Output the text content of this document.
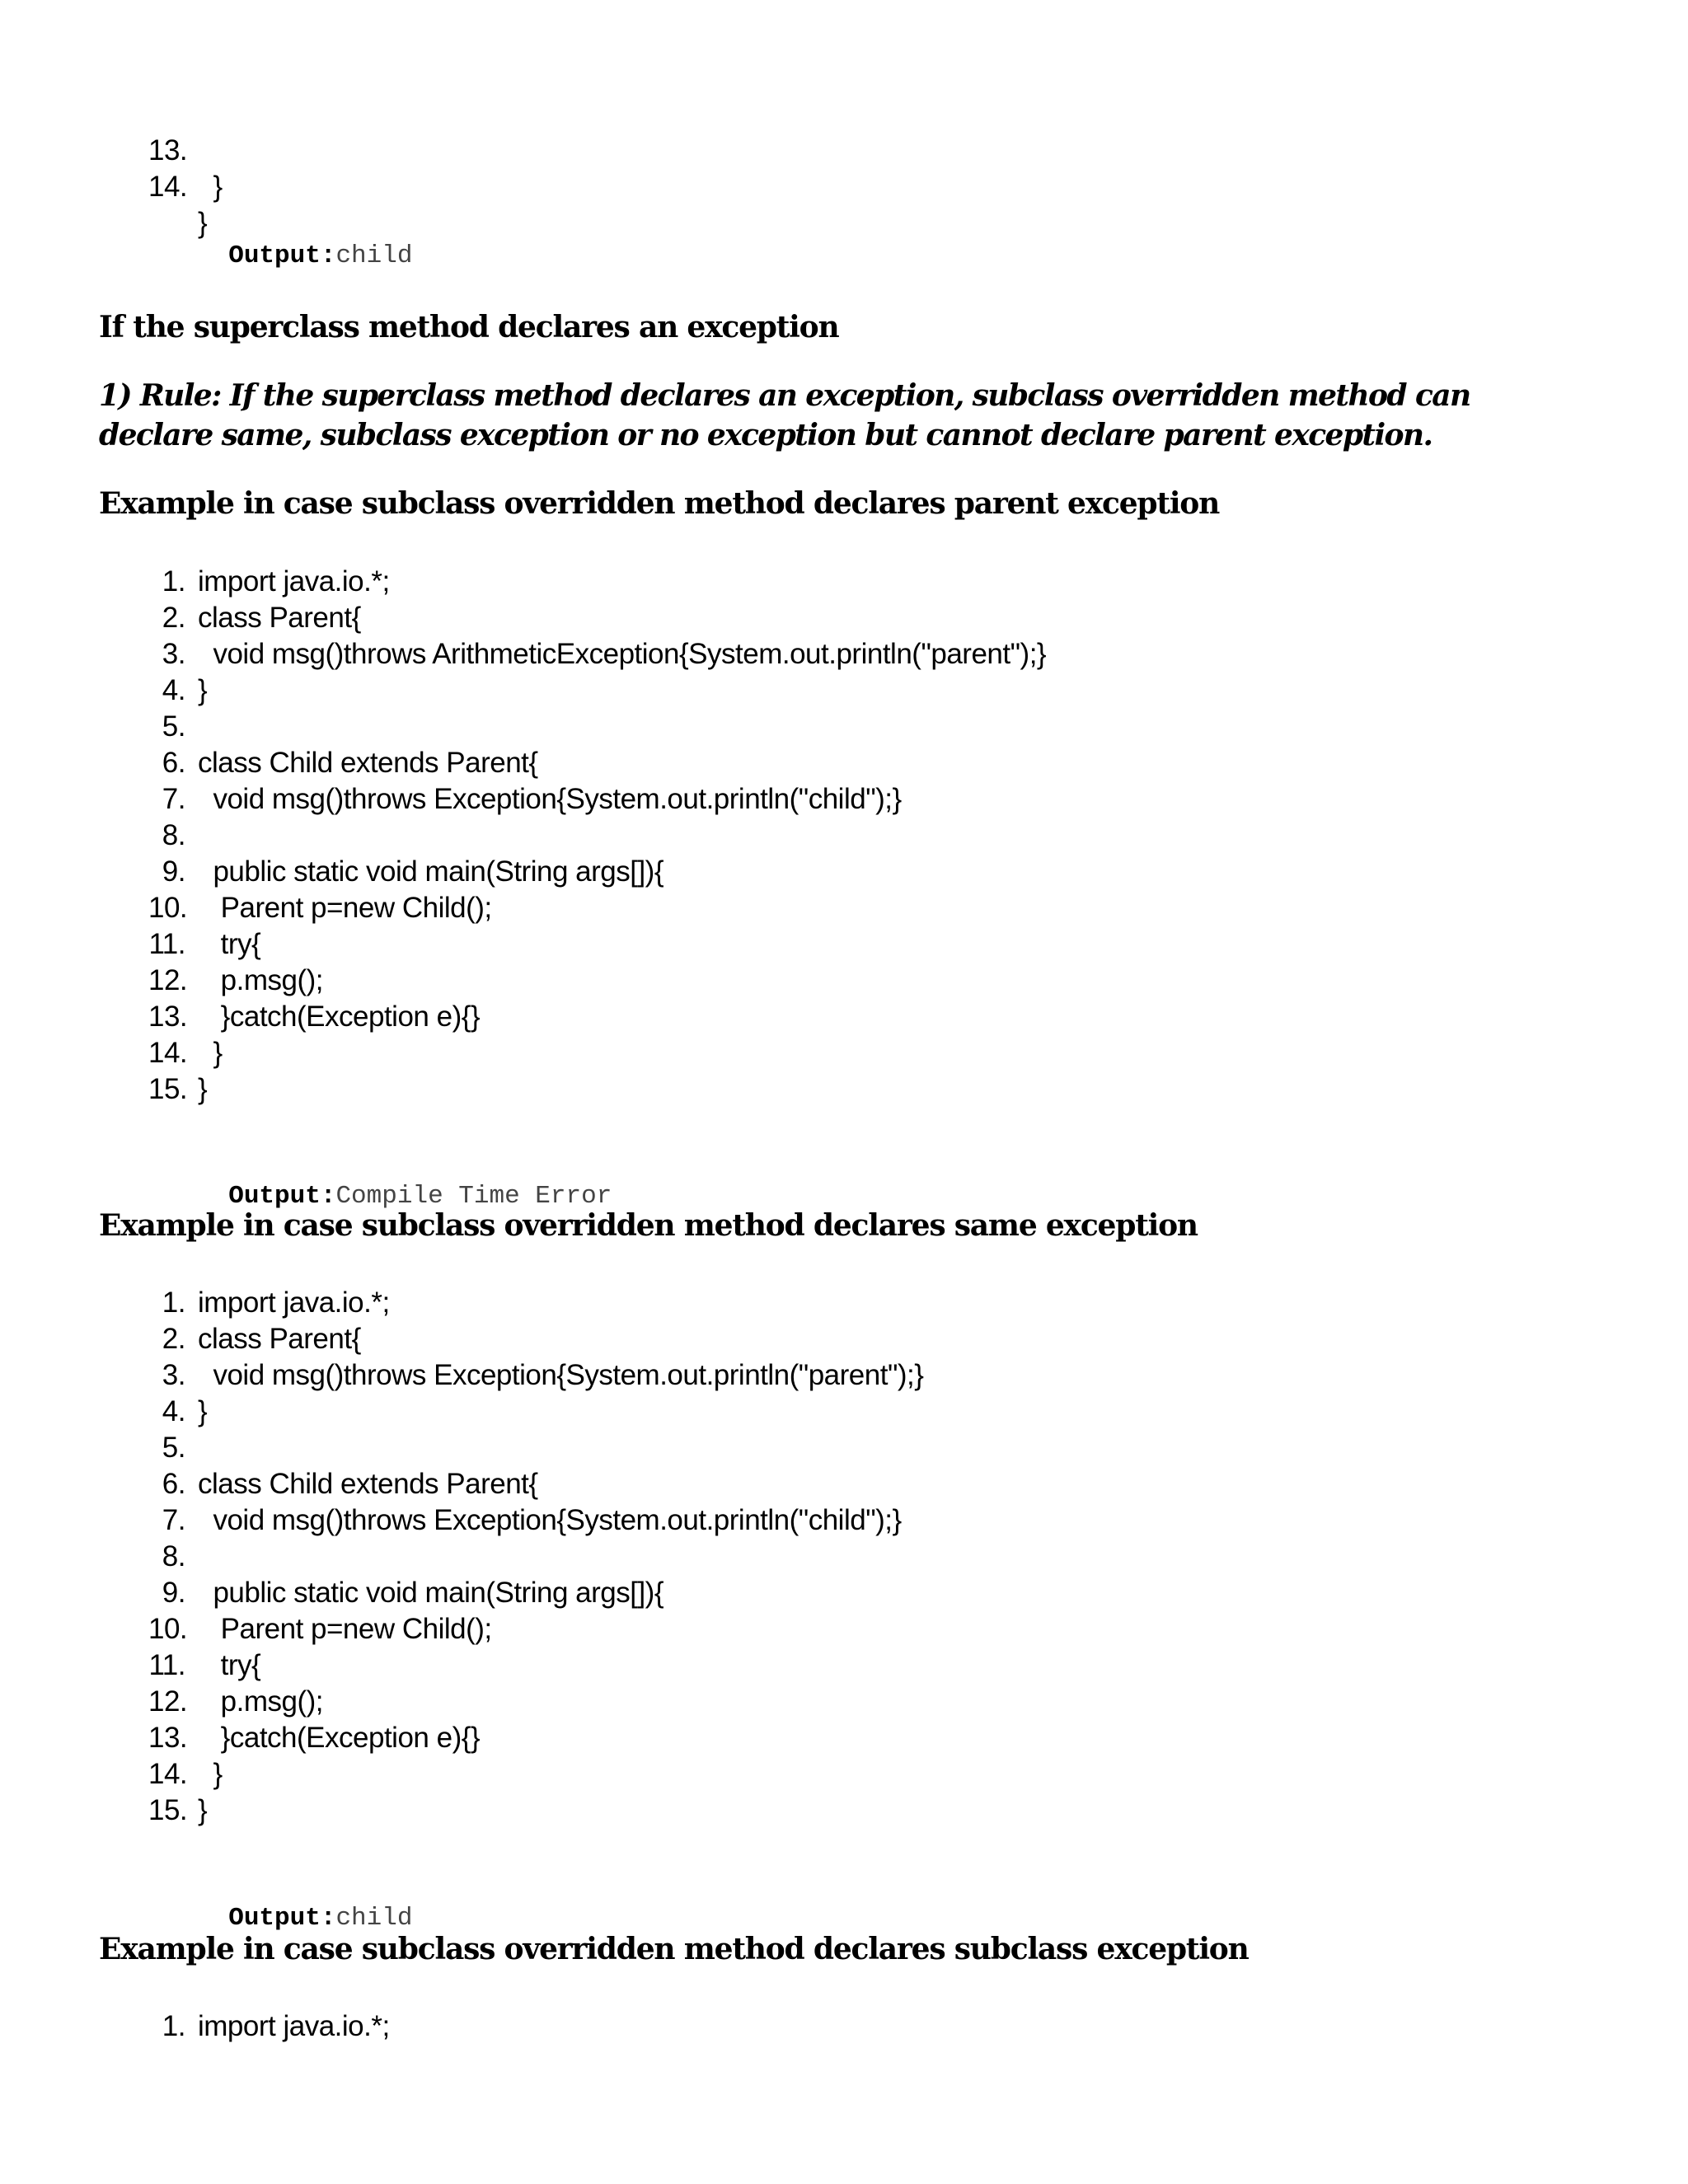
13.

}

14.

}

Output:child

If the superclass method declares an exception
1) Rule: If the superclass method declares an exception, subclass overridden method can declare same, subclass exception or no exception but cannot declare parent exception.
Example in case subclass overridden method declares parent exception
1. import java.io.*;
2. class Parent{
3. void msg()throws ArithmeticException{System.out.println("parent");}
4. }
5.
6. class Child extends Parent{
7. void msg()throws Exception{System.out.println("child");}
8.
9. public static void main(String args[]){
10. Parent p=new Child();
11. try{
12. p.msg();
13. }catch(Exception e){}
14. }
15. }

Output:Compile Time Error

Example in case subclass overridden method declares same exception
1. import java.io.*;
2. class Parent{
3. void msg()throws Exception{System.out.println("parent");}
4. }
5.
6. class Child extends Parent{
7. void msg()throws Exception{System.out.println("child");}
8.
9. public static void main(String args[]){
10. Parent p=new Child();
11. try{
12. p.msg();
13. }catch(Exception e){}
14. }
15. }

Output:child

Example in case subclass overridden method declares subclass exception
1. import java.io.*;
